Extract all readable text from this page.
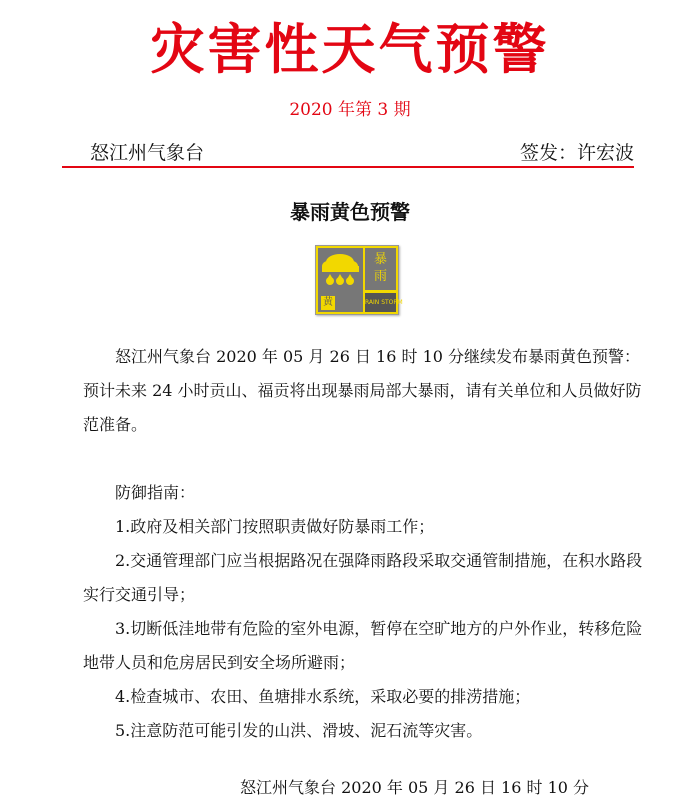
灾害性天气预警
2020 年第 3 期
怒江州气象台	签发：许宏波
暴雨黄色预警
黄
暴
雨
RAIN STORM

怒江州气象台 2020 年 05 月 26 日 16 时 10 分继续发布暴雨黄色预警：预计未来 24 小时贡山、福贡将出现暴雨局部大暴雨，请有关单位和人员做好防范准备。

防御指南：

1.政府及相关部门按照职责做好防暴雨工作；

2.交通管理部门应当根据路况在强降雨路段采取交通管制措施，在积水路段实行交通引导；

3.切断低洼地带有危险的室外电源，暂停在空旷地方的户外作业，转移危险地带人员和危房居民到安全场所避雨；

4.检查城市、农田、鱼塘排水系统，采取必要的排涝措施；

5.注意防范可能引发的山洪、滑坡、泥石流等灾害。

怒江州气象台 2020 年 05 月 26 日 16 时 10 分
